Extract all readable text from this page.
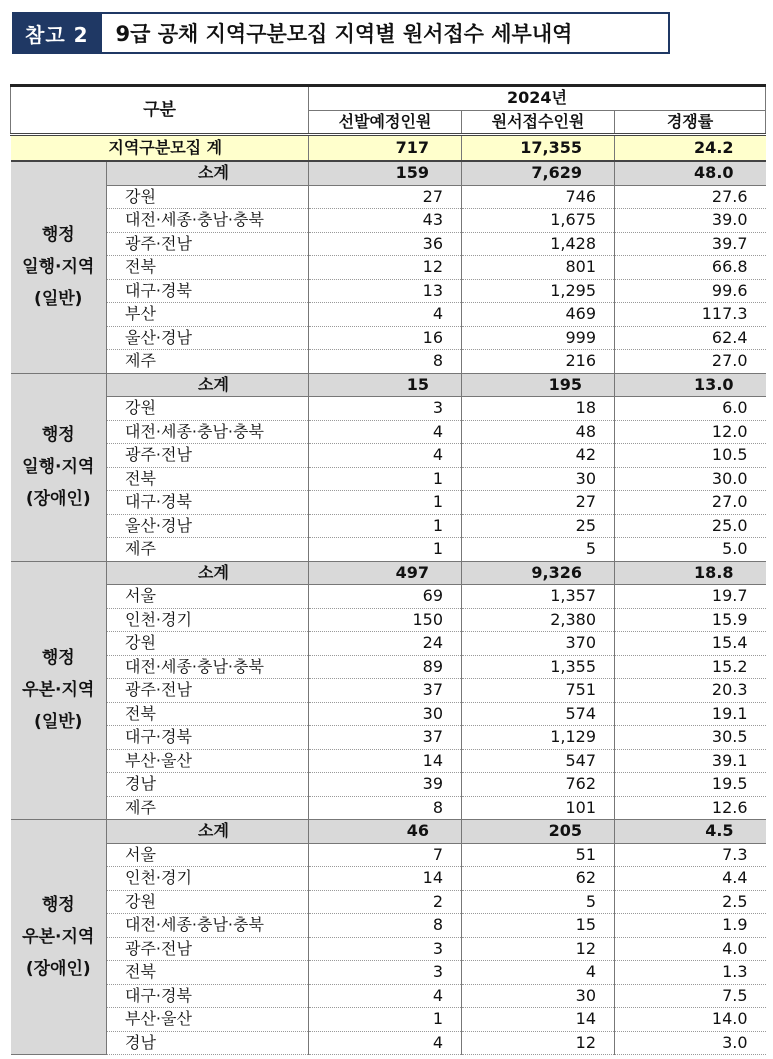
참고 2	9급 공채 지역구분모집 지역별 원서접수 세부내역
구분		2024년		
		선발예정인원	원서접수인원	경쟁률
지역구분모집 계		717	17,355	24.2

행정
일행·지역
(일반)	소계	159	7,629	48.0
	강원	27	746	27.6
	대전·세종·충남·충북	43	1,675	39.0
	광주·전남	36	1,428	39.7
	전북	12	801	66.8
	대구·경북	13	1,295	99.6
	부산	4	469	117.3
	울산·경남	16	999	62.4
	제주	8	216	27.0

행정
일행·지역
(장애인)	소계	15	195	13.0
	강원	3	18	6.0
	대전·세종·충남·충북	4	48	12.0
	광주·전남	4	42	10.5
	전북	1	30	30.0
	대구·경북	1	27	27.0
	울산·경남	1	25	25.0
	제주	1	5	5.0

행정
우본·지역
(일반)	소계	497	9,326	18.8
	서울	69	1,357	19.7
	인천·경기	150	2,380	15.9
	강원	24	370	15.4
	대전·세종·충남·충북	89	1,355	15.2
	광주·전남	37	751	20.3
	전북	30	574	19.1
	대구·경북	37	1,129	30.5
	부산·울산	14	547	39.1
	경남	39	762	19.5
	제주	8	101	12.6

행정
우본·지역
(장애인)	소계	46	205	4.5
	서울	7	51	7.3
	인천·경기	14	62	4.4
	강원	2	5	2.5
	대전·세종·충남·충북	8	15	1.9
	광주·전남	3	12	4.0
	전북	3	4	1.3
	대구·경북	4	30	7.5
	부산·울산	1	14	14.0
	경남	4	12	3.0
